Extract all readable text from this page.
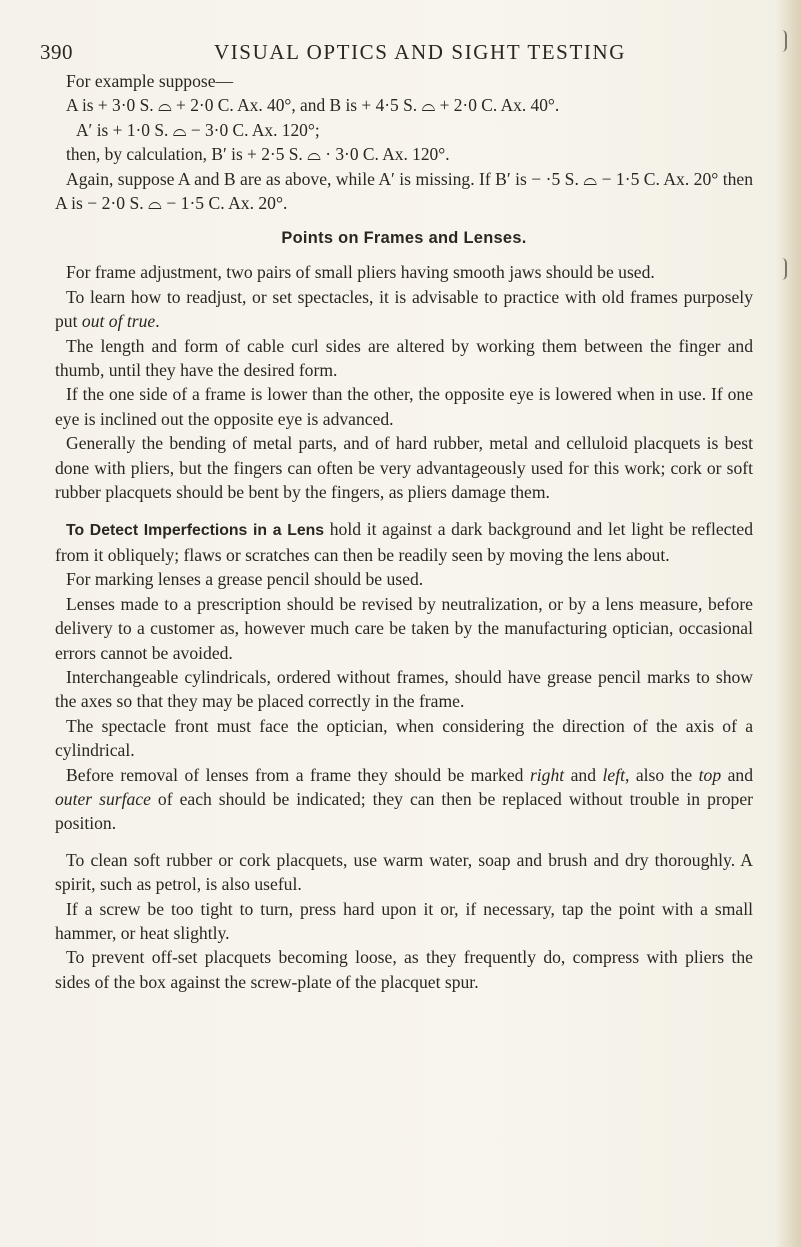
390	VISUAL OPTICS AND SIGHT TESTING

For example suppose—

A is + 3·0 S. ⌓ + 2·0 C. Ax. 40°, and B is + 4·5 S. ⌓ + 2·0 C. Ax. 40°.
A′ is + 1·0 S. ⌓ − 3·0 C. Ax. 120°;
then, by calculation, B′ is + 2·5 S. ⌓ · 3·0 C. Ax. 120°.

Again, suppose A and B are as above, while A′ is missing. If B′ is − ·5 S. ⌓ − 1·5 C. Ax. 20° then A is − 2·0 S. ⌓ − 1·5 C. Ax. 20°.

Points on Frames and Lenses.

For frame adjustment, two pairs of small pliers having smooth jaws should be used.

To learn how to readjust, or set spectacles, it is advisable to practice with old frames purposely put out of true.

The length and form of cable curl sides are altered by working them between the finger and thumb, until they have the desired form.

If the one side of a frame is lower than the other, the opposite eye is lowered when in use. If one eye is inclined out the opposite eye is advanced.

Generally the bending of metal parts, and of hard rubber, metal and celluloid placquets is best done with pliers, but the fingers can often be very advantageously used for this work; cork or soft rubber placquets should be bent by the fingers, as pliers damage them.

To Detect Imperfections in a Lens hold it against a dark background and let light be reflected from it obliquely; flaws or scratches can then be readily seen by moving the lens about.

For marking lenses a grease pencil should be used.

Lenses made to a prescription should be revised by neutralization, or by a lens measure, before delivery to a customer as, however much care be taken by the manufacturing optician, occasional errors cannot be avoided.

Interchangeable cylindricals, ordered without frames, should have grease pencil marks to show the axes so that they may be placed correctly in the frame.

The spectacle front must face the optician, when considering the direction of the axis of a cylindrical.

Before removal of lenses from a frame they should be marked right and left, also the top and outer surface of each should be indicated; they can then be replaced without trouble in proper position.

To clean soft rubber or cork placquets, use warm water, soap and brush and dry thoroughly. A spirit, such as petrol, is also useful.

If a screw be too tight to turn, press hard upon it or, if necessary, tap the point with a small hammer, or heat slightly.

To prevent off-set placquets becoming loose, as they frequently do, compress with pliers the sides of the box against the screw-plate of the placquet spur.
